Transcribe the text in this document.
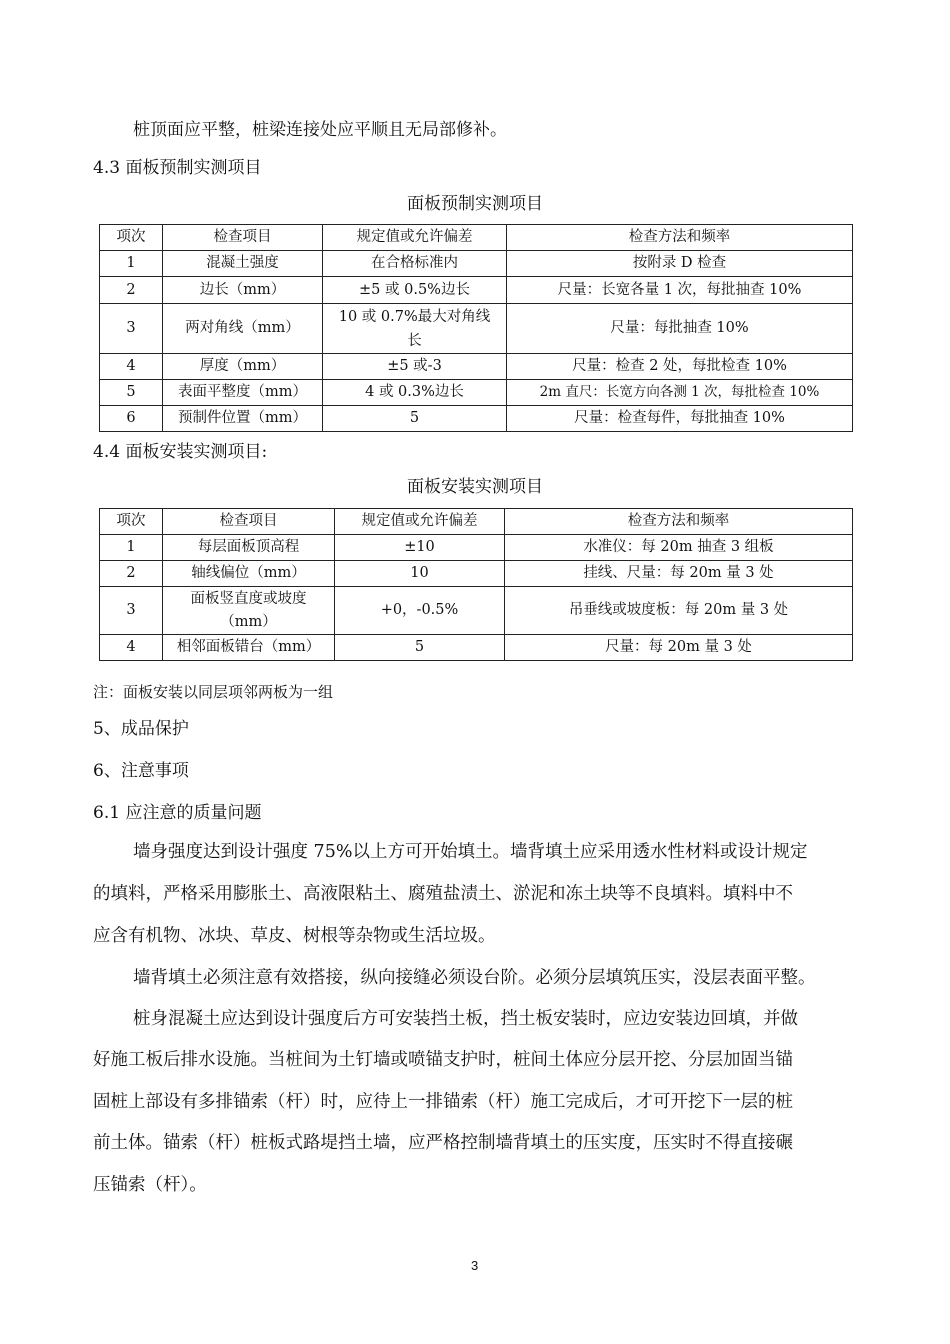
桩顶面应平整，桩梁连接处应平顺且无局部修补。
4.3 面板预制实测项目
面板预制实测项目
项次	检查项目	规定值或允许偏差	检查方法和频率
1	混凝土强度	在合格标准内	按附录 D 检查
2	边长（mm）	±5 或 0.5%边长	尺量：长宽各量 1 次，每批抽查 10%
3	两对角线（mm）	10 或 0.7%最大对角线长	尺量：每批抽查 10%
4	厚度（mm）	±5 或-3	尺量：检查 2 处，每批检查 10%
5	表面平整度（mm）	4 或 0.3%边长	2m 直尺：长宽方向各测 1 次，每批检查 10%
6	预制件位置（mm）	5	尺量：检查每件，每批抽查 10%
4.4 面板安装实测项目:
面板安装实测项目
项次	检查项目	规定值或允许偏差	检查方法和频率
1	每层面板顶高程	±10	水准仪：每 20m 抽查 3 组板
2	轴线偏位（mm）	10	挂线、尺量：每 20m 量 3 处
3	面板竖直度或坡度（mm）	+0，-0.5%	吊垂线或坡度板：每 20m 量 3 处
4	相邻面板错台（mm）	5	尺量：每 20m 量 3 处
注：面板安装以同层项邻两板为一组
5、成品保护
6、注意事项
6.1 应注意的质量问题
墙身强度达到设计强度 75%以上方可开始填土。墙背填土应采用透水性材料或设计规定
的填料，严格采用膨胀土、高液限粘土、腐殖盐渍土、淤泥和冻土块等不良填料。填料中不
应含有机物、冰块、草皮、树根等杂物或生活垃圾。
墙背填土必须注意有效搭接，纵向接缝必须设台阶。必须分层填筑压实，没层表面平整。
桩身混凝土应达到设计强度后方可安装挡土板，挡土板安装时，应边安装边回填，并做
好施工板后排水设施。当桩间为土钉墙或喷锚支护时，桩间土体应分层开挖、分层加固当锚
固桩上部设有多排锚索（杆）时，应待上一排锚索（杆）施工完成后，才可开挖下一层的桩
前土体。锚索（杆）桩板式路堤挡土墙，应严格控制墙背填土的压实度，压实时不得直接碾
压锚索（杆）。
3
